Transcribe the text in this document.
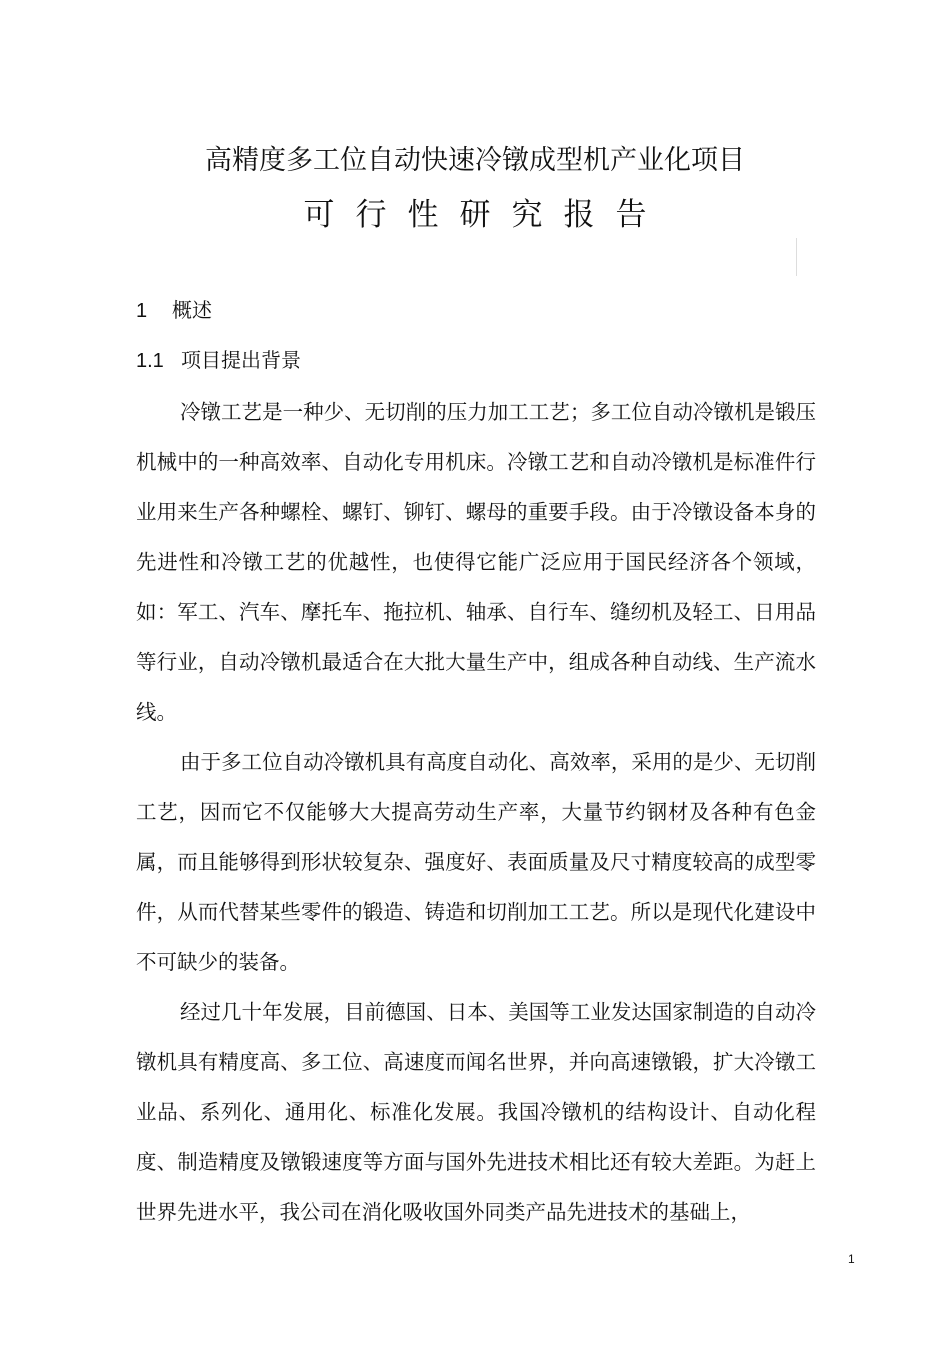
高精度多工位自动快速冷镦成型机产业化项目
可行性研究报告
1 概述
1.1 项目提出背景

冷镦工艺是一种少、无切削的压力加工工艺；多工位自动冷镦机是锻压机械中的一种高效率、自动化专用机床。冷镦工艺和自动冷镦机是标准件行业用来生产各种螺栓、螺钉、铆钉、螺母的重要手段。由于冷镦设备本身的先进性和冷镦工艺的优越性，也使得它能广泛应用于国民经济各个领域，如：军工、汽车、摩托车、拖拉机、轴承、自行车、缝纫机及轻工、日用品等行业，自动冷镦机最适合在大批大量生产中，组成各种自动线、生产流水线。

由于多工位自动冷镦机具有高度自动化、高效率，采用的是少、无切削工艺，因而它不仅能够大大提高劳动生产率，大量节约钢材及各种有色金属，而且能够得到形状较复杂、强度好、表面质量及尺寸精度较高的成型零件，从而代替某些零件的锻造、铸造和切削加工工艺。所以是现代化建设中不可缺少的装备。

经过几十年发展，目前德国、日本、美国等工业发达国家制造的自动冷镦机具有精度高、多工位、高速度而闻名世界，并向高速镦锻，扩大冷镦工业品、系列化、通用化、标准化发展。我国冷镦机的结构设计、自动化程度、制造精度及镦锻速度等方面与国外先进技术相比还有较大差距。为赶上世界先进水平，我公司在消化吸收国外同类产品先进技术的基础上，

1
